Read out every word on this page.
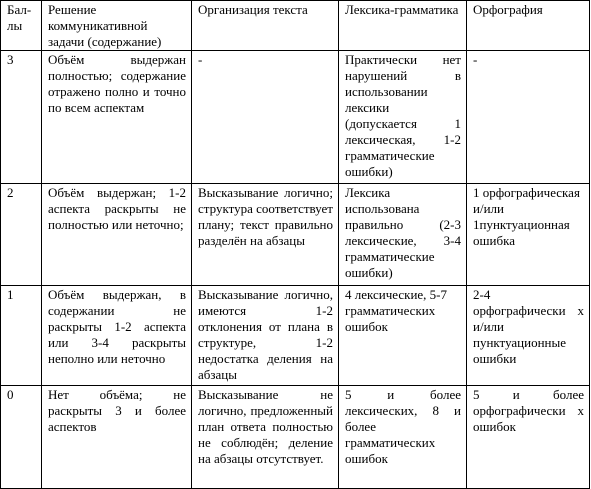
Баллы	Решение коммуникативной задачи (содержание)	Организация текста	Лексика-грамматика	Орфография
3	Объём выдержан полностью; содержание отражено полно и точно по всем аспектам	-	Практически нет нарушений в использовании лексики (допускается 1 лексическая, 1-2 грамматические ошибки)	-
2	Объём выдержан; 1-2 аспекта раскрыты не полностью или неточно;	Высказывание логично; структура соответствует плану; текст правильно разделён на абзацы	Лексика использована правильно (2-3 лексические, 3-4 грамматические ошибки)	1 орфографическая и/или 1пунктуационная ошибка
1	Объём выдержан, в содержании не раскрыты 1-2 аспекта или 3-4 раскрыты неполно или неточно	Высказывание логично, имеются 1-2 отклонения от плана в структуре, 1-2 недостатка деления на абзацы	4 лексические, 5-7 грамматических ошибок	2-4 орфографически х и/или пунктуационные ошибки
0	Нет объёма; не раскрыты 3 и более аспектов	Высказывание не логично, предложенный план ответа полностью не соблюдён; деление на абзацы отсутствует.	5 и более лексических, 8 и более грамматических ошибок	5 и более орфографически х ошибок
